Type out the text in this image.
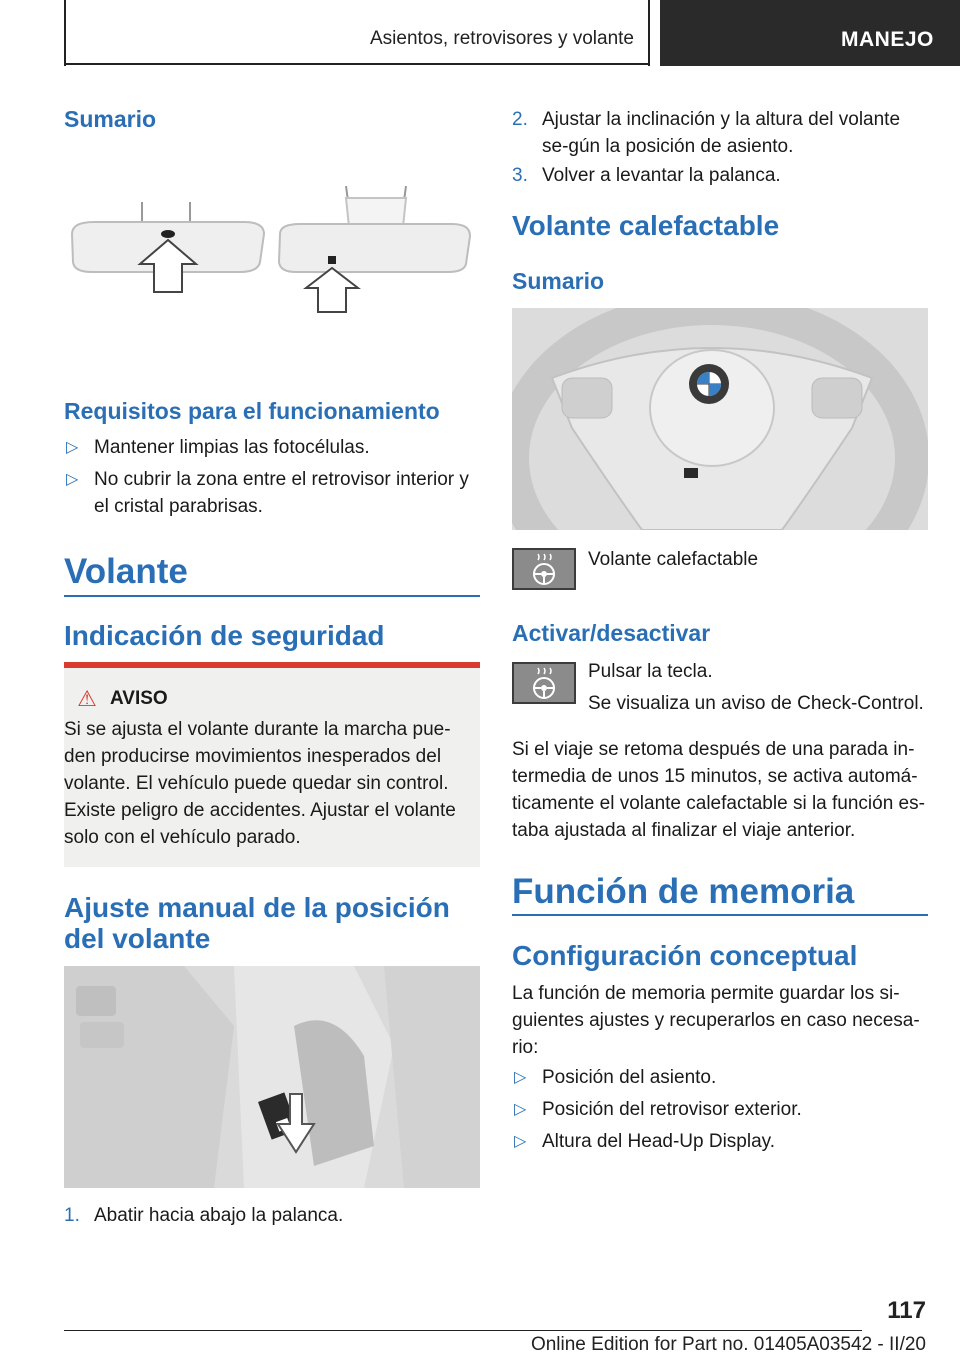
Asientos, retrovisores y volante	MANEJO
Sumario
Requisitos para el funcionamiento
▷ Mantener limpias las fotocélulas.
▷ No cubrir la zona entre el retrovisor interior y el cristal parabrisas.
Volante
Indicación de seguridad
⚠ AVISO
Si se ajusta el volante durante la marcha pue-den producirse movimientos inesperados del volante. El vehículo puede quedar sin control. Existe peligro de accidentes. Ajustar el volante solo con el vehículo parado.
Ajuste manual de la posición del volante
1. Abatir hacia abajo la palanca.
2. Ajustar la inclinación y la altura del volante se-gún la posición de asiento.
3. Volver a levantar la palanca.
Volante calefactable
Sumario
Volante calefactable
Activar/desactivar
Pulsar la tecla.
Se visualiza un aviso de Check-Control.
Si el viaje se retoma después de una parada in-termedia de unos 15 minutos, se activa automá-ticamente el volante calefactable si la función es-taba ajustada al finalizar el viaje anterior.
Función de memoria
Configuración conceptual
La función de memoria permite guardar los si-guientes ajustes y recuperarlos en caso necesa-rio:
▷ Posición del asiento.
▷ Posición del retrovisor exterior.
▷ Altura del Head-Up Display.
117
Online Edition for Part no. 01405A03542 - II/20
